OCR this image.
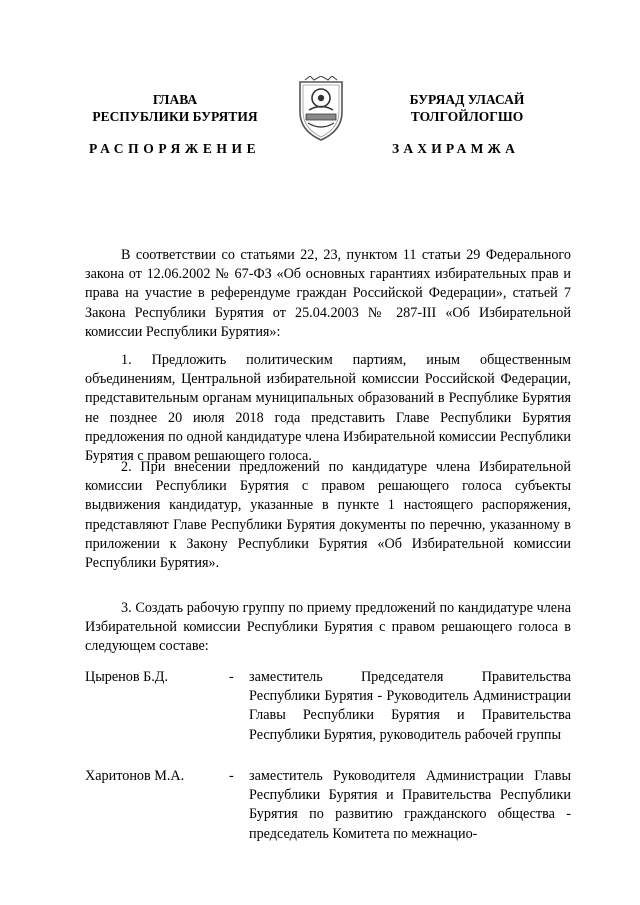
ГЛАВА
РЕСПУБЛИКИ БУРЯТИЯ
БУРЯАД УЛАСАЙ
ТОЛГОЙЛОГШО
РАСПОРЯЖЕНИЕ	ЗАХИРАМЖА

В соответствии со статьями 22, 23, пунктом 11 статьи 29 Федерального закона от 12.06.2002 № 67-ФЗ «Об основных гарантиях избирательных прав и права на участие в референдуме граждан Российской Федерации», статьей 7 Закона Республики Бурятия от 25.04.2003 № 287-III «Об Избирательной комиссии Республики Бурятия»:

1. Предложить политическим партиям, иным общественным объединениям, Центральной избирательной комиссии Российской Федерации, представительным органам муниципальных образований в Республике Бурятия не позднее 20 июля 2018 года представить Главе Республики Бурятия предложения по одной кандидатуре члена Избирательной комиссии Республики Бурятия с правом решающего голоса.

2. При внесении предложений по кандидатуре члена Избирательной комиссии Республики Бурятия с правом решающего голоса субъекты выдвижения кандидатур, указанные в пункте 1 настоящего распоряжения, представляют Главе Республики Бурятия документы по перечню, указанному в приложении к Закону Республики Бурятия «Об Избирательной комиссии Республики Бурятия».

3. Создать рабочую группу по приему предложений по кандидатуре члена Избирательной комиссии Республики Бурятия с правом решающего голоса в следующем составе:

Цыренов Б.Д.	- заместитель Председателя Правительства Республики Бурятия - Руководитель Администрации Главы Республики Бурятия и Правительства Республики Бурятия, руководитель рабочей группы
Харитонов М.А.	- заместитель Руководителя Администрации Главы Республики Бурятия и Правительства Республики Бурятия по развитию гражданского общества - председатель Комитета по межнацио-
